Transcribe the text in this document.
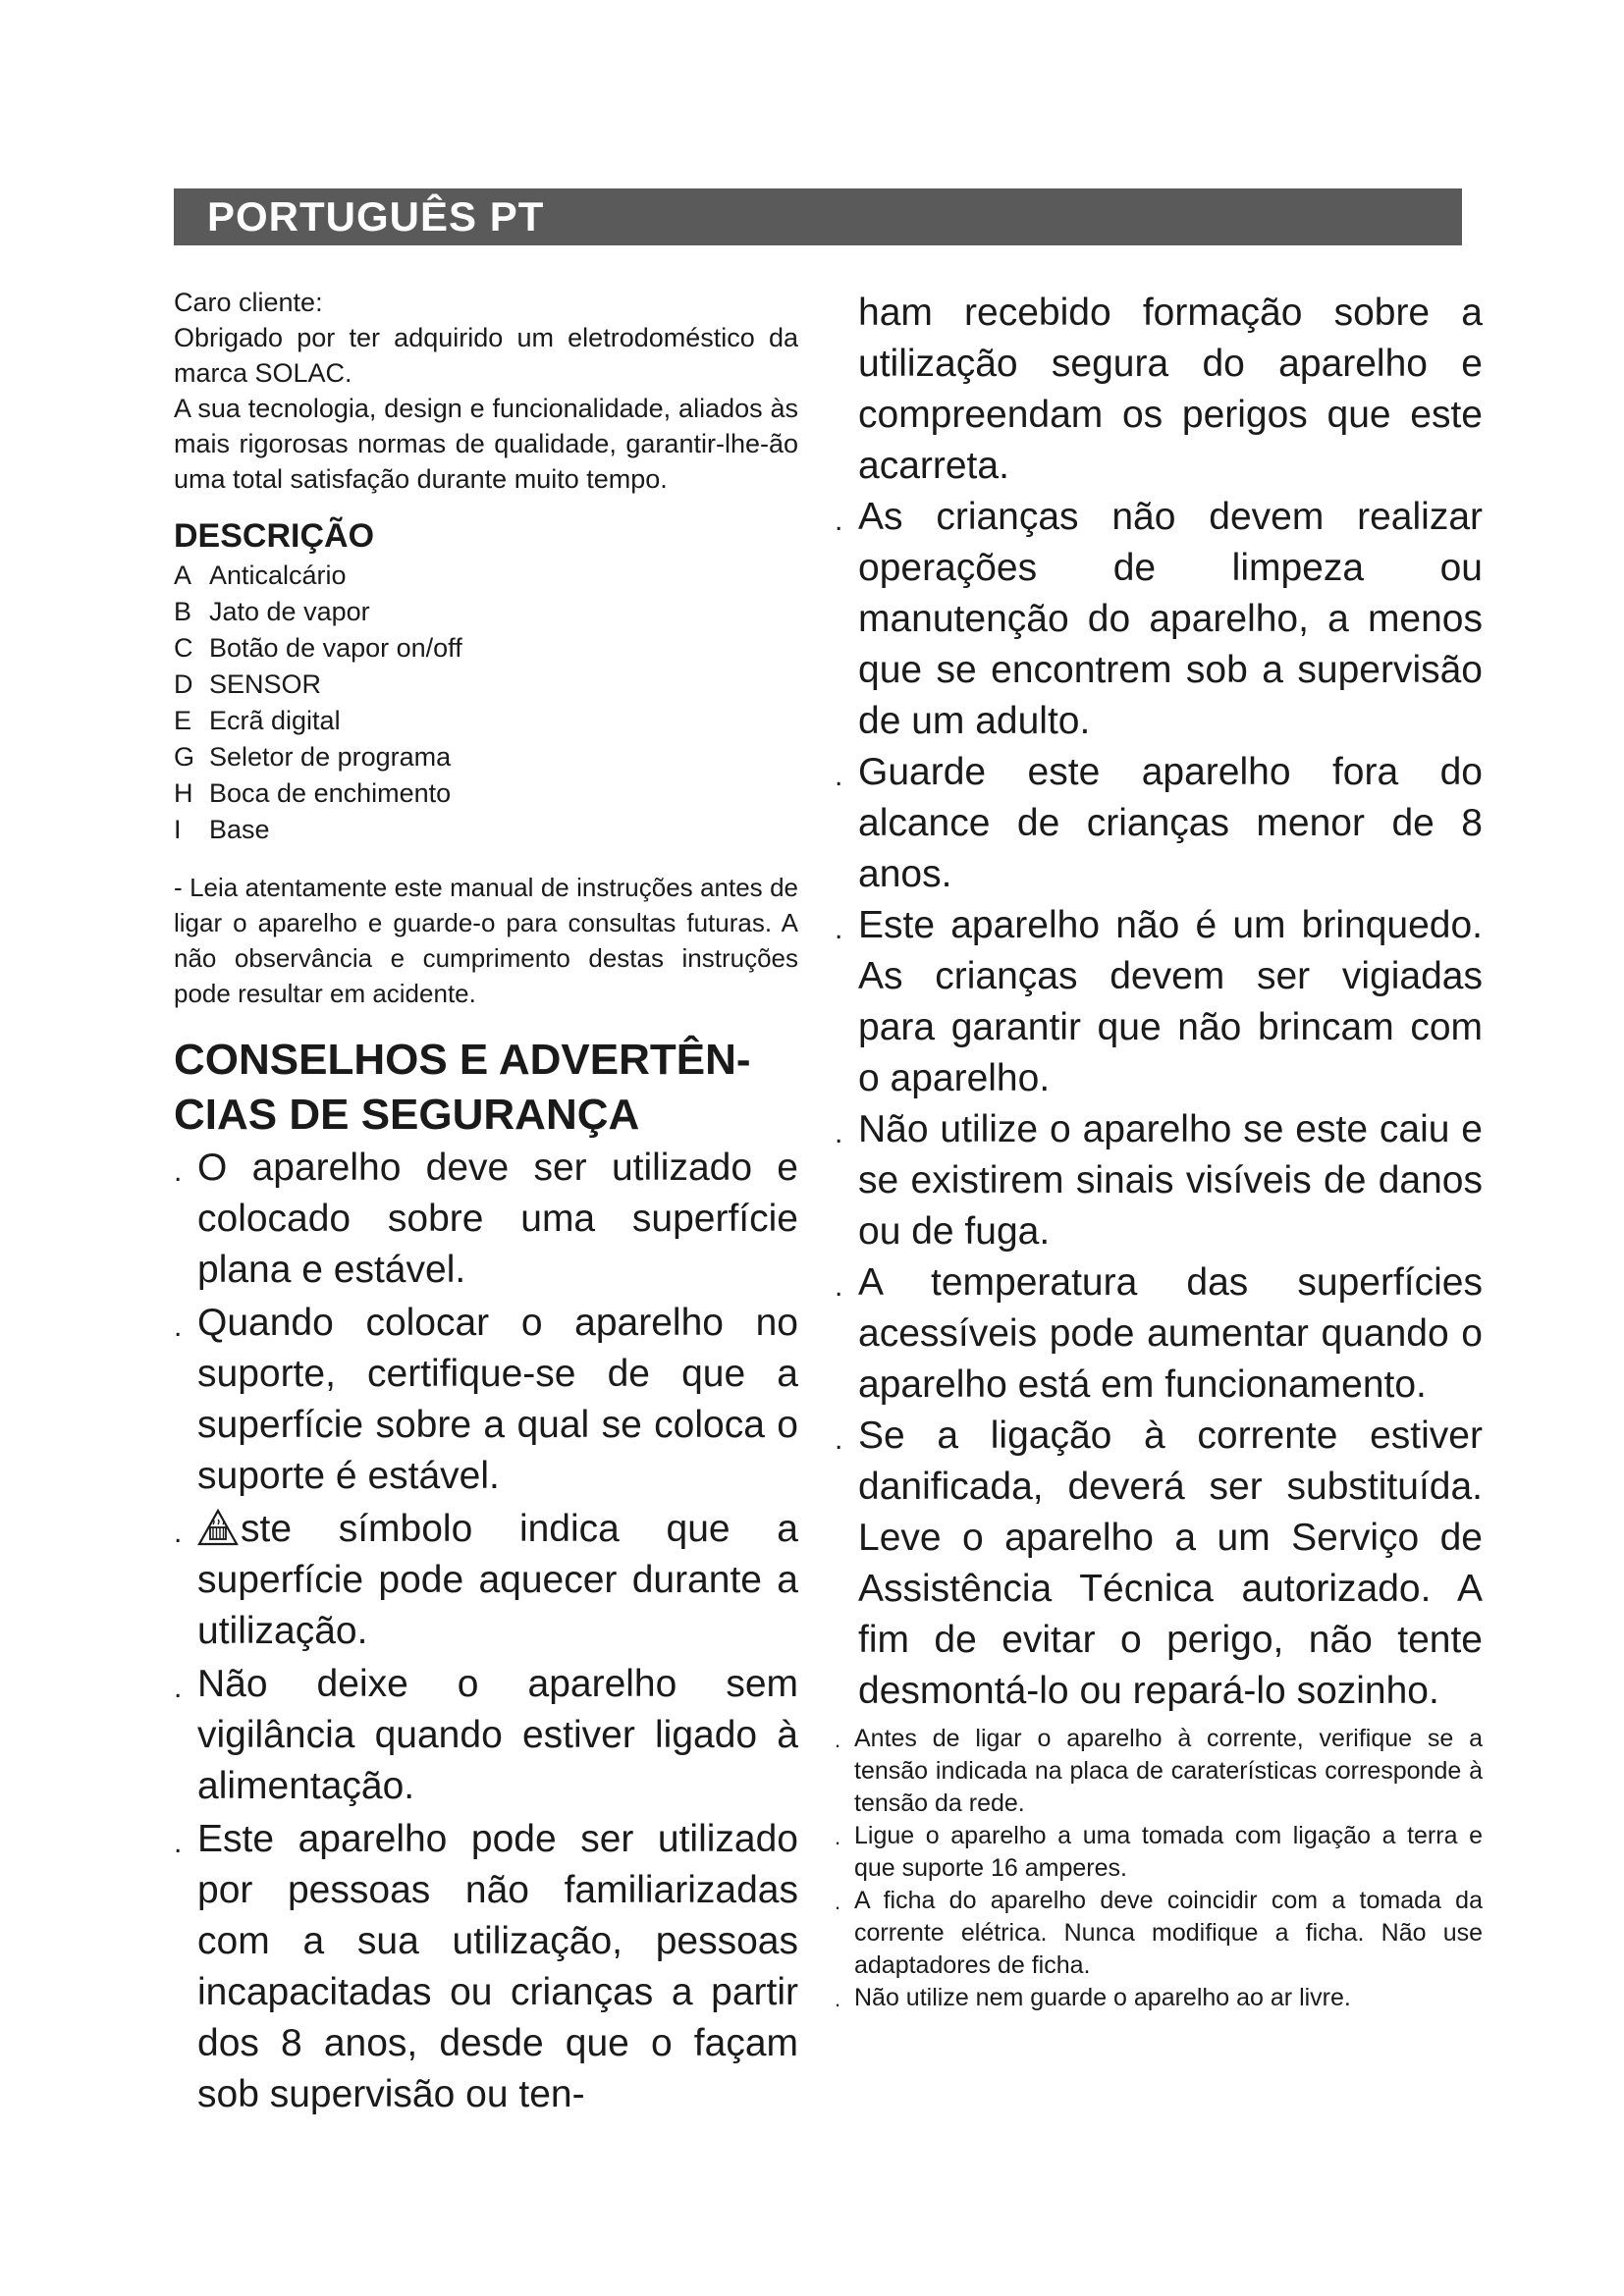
PORTUGUÊS PT

Caro cliente:

Obrigado por ter adquirido um eletrodoméstico da marca SOLAC.

A sua tecnologia, design e funcionalidade, aliados às mais rigorosas normas de qualidade, garantir-lhe-ão uma total satisfação durante muito tempo.

DESCRIÇÃO
A Anticalcário
B Jato de vapor
C Botão de vapor on/off
D SENSOR
E Ecrã digital
G Seletor de programa
H Boca de enchimento
I	Base

- Leia atentamente este manual de instruções antes de ligar o aparelho e guarde-o para consultas futuras. A não observância e cumprimento destas instruções pode resultar em acidente.

CONSELHOS E ADVERTÊN-
CIAS DE SEGURANÇA
. O aparelho deve ser utilizado e colocado sobre uma superfície plana e estável.
. Quando colocar o aparelho no suporte, certifique-se de que a superfície sobre a qual se coloca o suporte é estável.
. ste símbolo indica que a superfície pode aquecer durante a utilização.
. Não deixe o aparelho sem vigilância quando estiver ligado à alimentação.
. Este aparelho pode ser utilizado por pessoas não familiarizadas com a sua utilização, pessoas incapacitadas ou crianças a partir dos 8 anos, desde que o façam sob supervisão ou ten-
ham recebido formação sobre a utilização segura do aparelho e compreendam os perigos que este acarreta.
. As crianças não devem realizar operações de limpeza ou manutenção do aparelho, a menos que se encontrem sob a supervisão de um adulto.
. Guarde este aparelho fora do alcance de crianças menor de 8 anos.
. Este aparelho não é um brinquedo. As crianças devem ser vigiadas para garantir que não brincam com o aparelho.
. Não utilize o aparelho se este caiu e se existirem sinais visíveis de danos ou de fuga.
. A temperatura das superfícies acessíveis pode aumentar quando o aparelho está em funcionamento.
. Se a ligação à corrente estiver danificada, deverá ser substituída. Leve o aparelho a um Serviço de Assistência Técnica autorizado. A fim de evitar o perigo, não tente desmontá-lo ou repará-lo sozinho.
. Antes de ligar o aparelho à corrente, verifique se a tensão indicada na placa de caraterísticas corresponde à tensão da rede.
. Ligue o aparelho a uma tomada com ligação a terra e que suporte 16 amperes.
. A ficha do aparelho deve coincidir com a tomada da corrente elétrica. Nunca modifique a ficha. Não use adaptadores de ficha.
. Não utilize nem guarde o aparelho ao ar livre.
